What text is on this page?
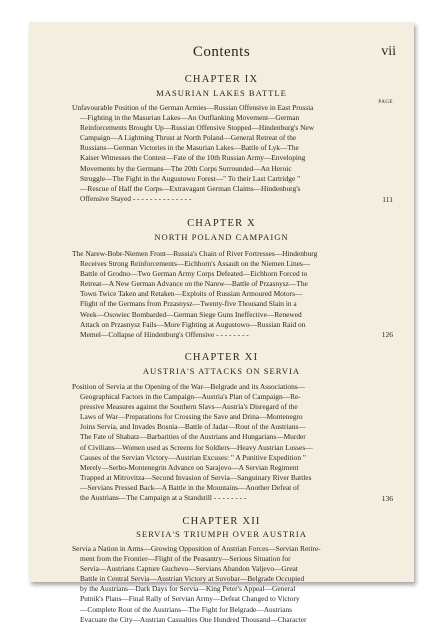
Contents	vii
CHAPTER IX
MASURIAN LAKES BATTLE
PAGE
Unfavourable Position of the German Armies—Russian Offensive in East Prussia
—Fighting in the Masurian Lakes—An Outflanking Movement—German
Reinforcements Brought Up—Russian Offensive Stopped—Hindenburg's New
Campaign—A Lightning Thrust at North Poland—General Retreat of the
Russians—German Victories in the Masurian Lakes—Battle of Lyk—The
Kaiser Witnesses the Contest—Fate of the 10th Russian Army—Enveloping
Movements by the Germans—The 20th Corps Surrounded—An Heroic
Struggle—The Fight in the Augustowo Forest—" To their Last Cartridge "
—Rescue of Half the Corps—Extravagant German Claims—Hindenburg's
Offensive Stayed - - - - - - - - - - - - - -	111
CHAPTER X
NORTH POLAND CAMPAIGN
The Narew-Bobr-Niemen Front—Russia's Chain of River Fortresses—Hindenburg
Receives Strong Reinforcements—Eichhorn's Assault on the Niemen Lines—
Battle of Grodno—Two German Army Corps Defeated—Eichhorn Forced to
Retreat—A New German Advance on the Narew—Battle of Przasnysz—The
Town Twice Taken and Retaken—Exploits of Russian Armoured Motors—
Flight of the Germans from Przasnysz—Twenty-five Thousand Slain in a
Week—Osowiec Bombarded—German Siege Guns Ineffective—Renewed
Attack on Przasnysz Fails—More Fighting at Augustowo—Russian Raid on
Memel—Collapse of Hindenburg's Offensive - - - - - - - -	126
CHAPTER XI
AUSTRIA'S ATTACKS ON SERVIA
Position of Servia at the Opening of the War—Belgrade and its Associations—
Geographical Factors in the Campaign—Austria's Plan of Campaign—Re-
pressive Measures against the Southern Slavs—Austria's Disregard of the
Laws of War—Preparations for Crossing the Save and Drina—Montenegro
Joins Servia, and Invades Bosnia—Battle of Jadar—Rout of the Austrians—
The Fate of Shabatz—Barbarities of the Austrians and Hungarians—Murder
of Civilians—Women used as Screens for Soldiers—Heavy Austrian Losses—
Causes of the Servian Victory—Austrian Excuses: " A Punitive Expedition "
Merely—Serbo-Montenegrin Advance on Sarajevo—A Servian Regiment
Trapped at Mitrovitza—Second Invasion of Servia—Sanguinary River Battles
—Servians Pressed Back—A Battle in the Mountains—Another Defeat of
the Austrians—The Campaign at a Standstill - - - - - - - -	136
CHAPTER XII
SERVIA'S TRIUMPH OVER AUSTRIA
Servia a Nation in Arms—Growing Opposition of Austrian Forces—Servian Retire-
ment from the Frontier—Flight of the Peasantry—Serious Situation for
Servia—Austrians Capture Guchevo—Servians Abandon Valjevo—Great
Battle in Central Servia—Austrian Victory at Suvobar—Belgrade Occupied
by the Austrians—Dark Days for Servia—King Peter's Appeal—General
Putnik's Plans—Final Rally of Servian Army—Defeat Changed to Victory
—Complete Rout of the Austrians—The Fight for Belgrade—Austrians
Evacuate the City—Austrian Casualties One Hundred Thousand—Character
